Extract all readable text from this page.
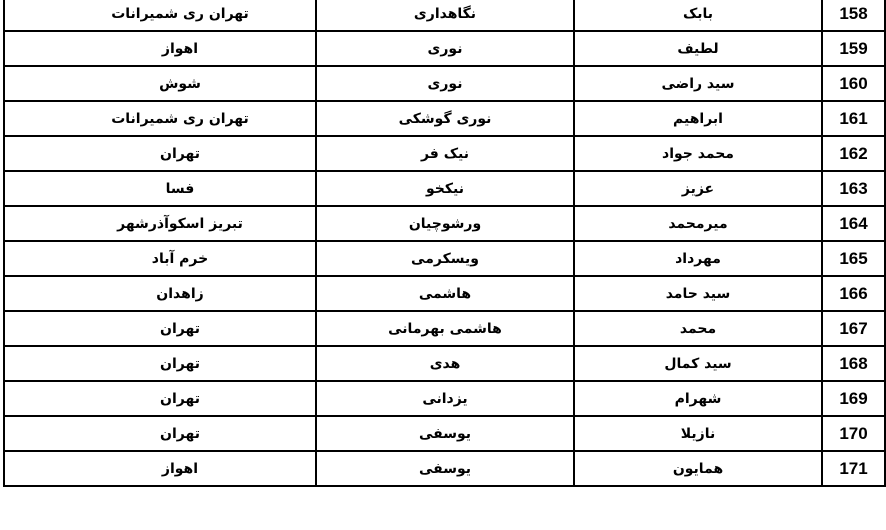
تهران ری شمیرانات	نگاهداری	بابک	158
اهواز	نوری	لطیف	159
شوش	نوری	سید راضی	160
تهران ری شمیرانات	نوری گوشکی	ابراهیم	161
تهران	نیک فر	محمد جواد	162
فسا	نیکخو	عزیز	163
تبریز اسکوآذرشهر	ورشوچیان	میرمحمد	164
خرم آباد	ویسکرمی	مهرداد	165
زاهدان	هاشمی	سید حامد	166
تهران	هاشمی بهرمانی	محمد	167
تهران	هدی	سید کمال	168
تهران	یزدانی	شهرام	169
تهران	یوسفی	نازیلا	170
اهواز	یوسفی	همایون	171
